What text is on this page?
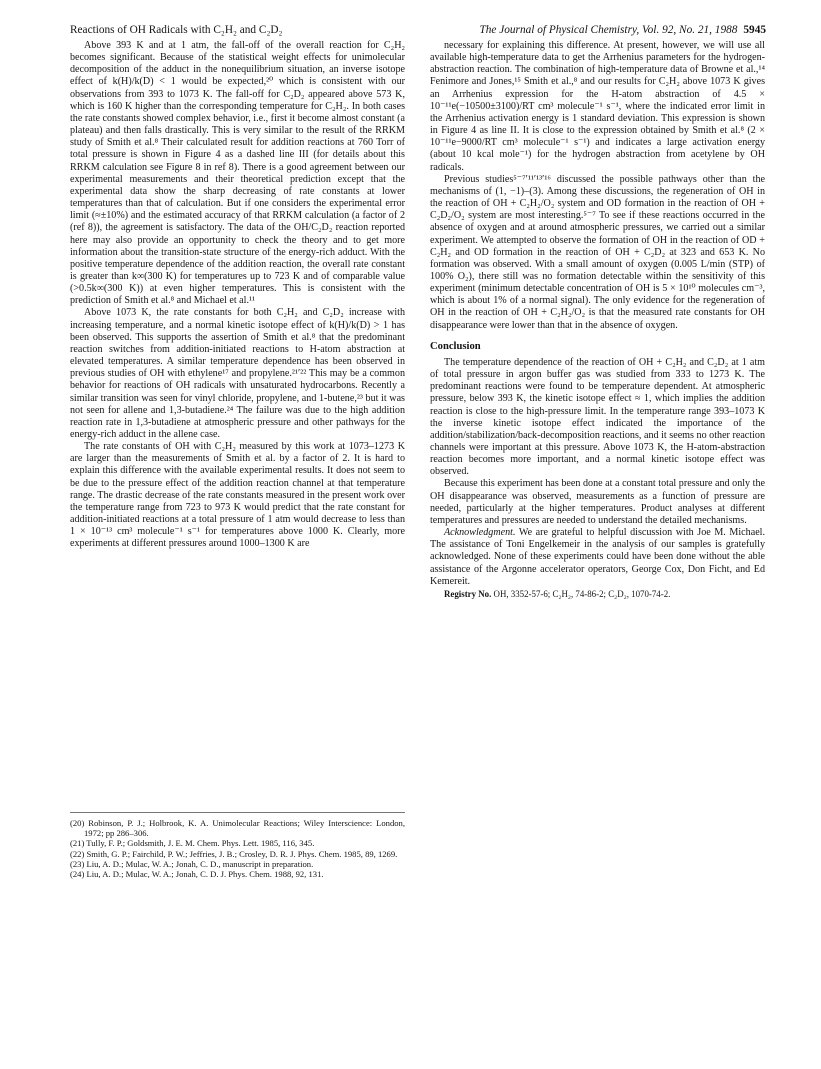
Reactions of OH Radicals with C₂H₂ and C₂D₂	The Journal of Physical Chemistry, Vol. 92, No. 21, 1988 5945

Above 393 K and at 1 atm, the fall-off of the overall reaction for C₂H₂ becomes significant. Because of the statistical weight effects for unimolecular decomposition of the adduct in the nonequilibrium situation, an inverse isotope effect of k(H)/k(D) < 1 would be expected,²⁰ which is consistent with our observations from 393 to 1073 K. The fall-off for C₂D₂ appeared above 573 K, which is 160 K higher than the corresponding temperature for C₂H₂. In both cases the rate constants showed complex behavior, i.e., first it become almost constant (a plateau) and then falls drastically. This is very similar to the result of the RRKM study of Smith et al.⁸ Their calculated result for addition reactions at 760 Torr of total pressure is shown in Figure 4 as a dashed line III (for details about this RRKM calculation see Figure 8 in ref 8). There is a good agreement between our experimental measurements and their theoretical prediction except that the experimental data show the sharp decreasing of rate constants at lower temperatures than that of calculation. But if one considers the experimental error limit (≈±10%) and the estimated accuracy of that RRKM calculation (a factor of 2 (ref 8)), the agreement is satisfactory. The data of the OH/C₂D₂ reaction reported here may also provide an opportunity to check the theory and to get more information about the transition-state structure of the energy-rich adduct. With the positive temperature dependence of the addition reaction, the overall rate constant is greater than k∞(300 K) for temperatures up to 723 K and of comparable value (>0.5k∞(300 K)) at even higher temperatures. This is consistent with the prediction of Smith et al.⁸ and Michael et al.¹¹

Above 1073 K, the rate constants for both C₂H₂ and C₂D₂ increase with increasing temperature, and a normal kinetic isotope effect of k(H)/k(D) > 1 has been observed. This supports the assertion of Smith et al.⁸ that the predominant reaction switches from addition-initiated reactions to H-atom abstraction at elevated temperatures. A similar temperature dependence has been observed in previous studies of OH with ethylene¹⁷ and propylene.²¹ʹ²² This may be a common behavior for reactions of OH radicals with unsaturated hydrocarbons. Recently a similar transition was seen for vinyl chloride, propylene, and 1-butene,²³ but it was not seen for allene and 1,3-butadiene.²⁴ The failure was due to the high addition reaction rate in 1,3-butadiene at atmospheric pressure and other pathways for the energy-rich adduct in the allene case.

The rate constants of OH with C₂H₂ measured by this work at 1073–1273 K are larger than the measurements of Smith et al. by a factor of 2. It is hard to explain this difference with the available experimental results. It does not seem to be due to the pressure effect of the addition reaction channel at that temperature range. The drastic decrease of the rate constants measured in the present work over the temperature range from 723 to 973 K would predict that the rate constant for addition-initiated reactions at a total pressure of 1 atm would decrease to less than 1 × 10⁻¹³ cm³ molecule⁻¹ s⁻¹ for temperatures above 1000 K. Clearly, more experiments at different pressures around 1000–1300 K are

(20) Robinson, P. J.; Holbrook, K. A. Unimolecular Reactions; Wiley Interscience: London, 1972; pp 286–306.

(21) Tully, F. P.; Goldsmith, J. E. M. Chem. Phys. Lett. 1985, 116, 345.

(22) Smith, G. P.; Fairchild, P. W.; Jeffries, J. B.; Crosley, D. R. J. Phys. Chem. 1985, 89, 1269.

(23) Liu, A. D.; Mulac, W. A.; Jonah, C. D., manuscript in preparation.

(24) Liu, A. D.; Mulac, W. A.; Jonah, C. D. J. Phys. Chem. 1988, 92, 131.

necessary for explaining this difference. At present, however, we will use all available high-temperature data to get the Arrhenius parameters for the hydrogen-abstraction reaction. The combination of high-temperature data of Browne et al.,¹⁴ Fenimore and Jones,¹⁵ Smith et al.,⁸ and our results for C₂H₂ above 1073 K gives an Arrhenius expression for the H-atom abstraction of 4.5 × 10⁻¹¹e(−10500±3100)/RT cm³ molecule⁻¹ s⁻¹, where the indicated error limit in the Arrhenius activation energy is 1 standard deviation. This expression is shown in Figure 4 as line II. It is close to the expression obtained by Smith et al.⁸ (2 × 10⁻¹¹e−9000/RT cm³ molecule⁻¹ s⁻¹) and indicates a large activation energy (about 10 kcal mole⁻¹) for the hydrogen abstraction from acetylene by OH radicals.

Previous studies⁵⁻⁷ʹ¹¹ʹ¹³ʹ¹⁶ discussed the possible pathways other than the mechanisms of (1, −1)–(3). Among these discussions, the regeneration of OH in the reaction of OH + C₂H₂/O₂ system and OD formation in the reaction of OH + C₂D₂/O₂ system are most interesting.⁵⁻⁷ To see if these reactions occurred in the absence of oxygen and at around atmospheric pressures, we carried out a similar experiment. We attempted to observe the formation of OH in the reaction of OD + C₂H₂ and OD formation in the reaction of OH + C₂D₂ at 323 and 653 K. No formation was observed. With a small amount of oxygen (0.005 L/min (STP) of 100% O₂), there still was no formation detectable within the sensitivity of this experiment (minimum detectable concentration of OH is 5 × 10¹⁰ molecules cm⁻³, which is about 1% of a normal signal). The only evidence for the regeneration of OH in the reaction of OH + C₂H₂/O₂ is that the measured rate constants for OH disappearance were lower than that in the absence of oxygen.

Conclusion

The temperature dependence of the reaction of OH + C₂H₂ and C₂D₂ at 1 atm of total pressure in argon buffer gas was studied from 333 to 1273 K. The predominant reactions were found to be temperature dependent. At atmospheric pressure, below 393 K, the kinetic isotope effect ≈ 1, which implies the addition reaction is close to the high-pressure limit. In the temperature range 393–1073 K the inverse kinetic isotope effect indicated the importance of the addition/stabilization/back-decomposition reactions, and it seems no other reaction channels were important at this pressure. Above 1073 K, the H-atom-abstraction reaction becomes more important, and a normal kinetic isotope effect was observed.

Because this experiment has been done at a constant total pressure and only the OH disappearance was observed, measurements as a function of pressure are needed, particularly at the higher temperatures. Product analyses at different temperatures and pressures are needed to understand the detailed mechanisms.

Acknowledgment. We are grateful to helpful discussion with Joe M. Michael. The assistance of Toni Engelkemeir in the analysis of our samples is gratefully acknowledged. None of these experiments could have been done without the able assistance of the Argonne accelerator operators, George Cox, Don Ficht, and Ed Kemereit.

Registry No. OH, 3352-57-6; C₂H₂, 74-86-2; C₂D₂, 1070-74-2.
